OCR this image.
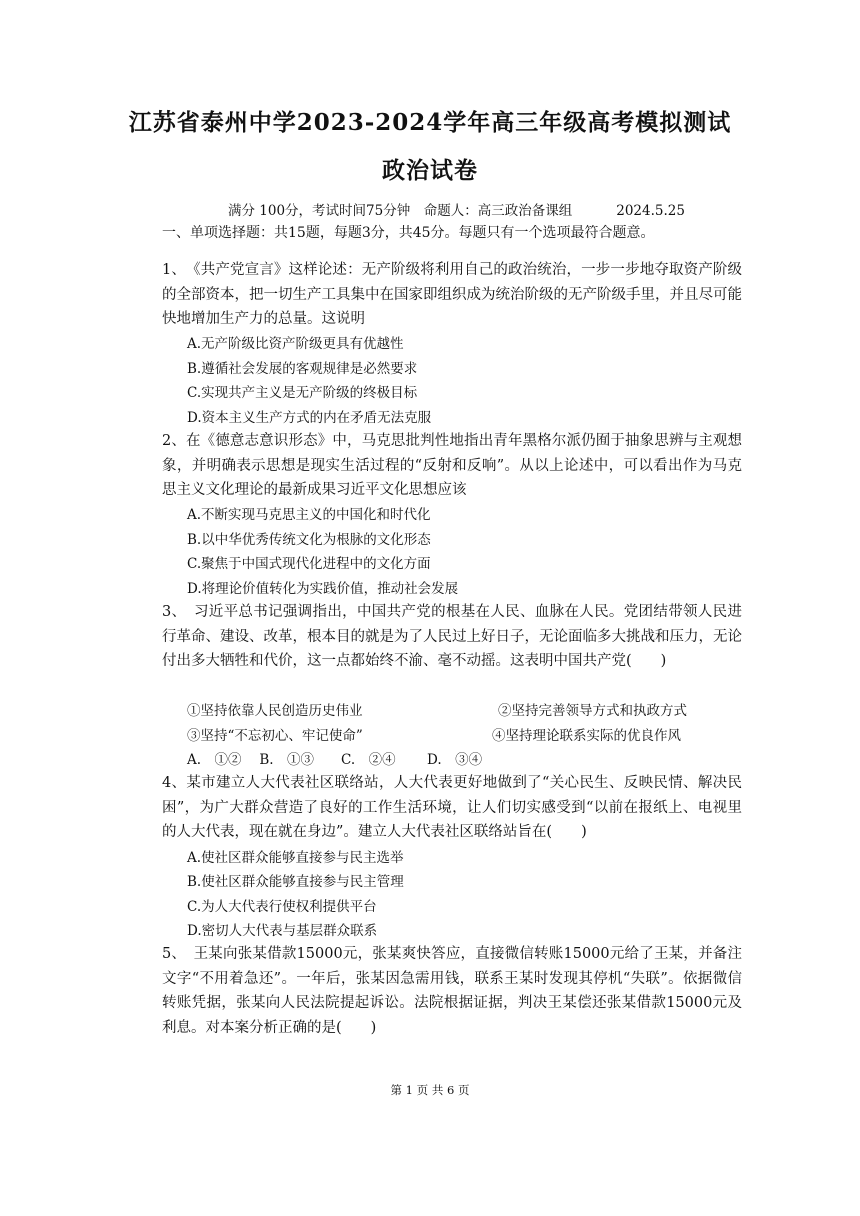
江苏省泰州中学2023-2024学年高三年级高考模拟测试
政治试卷
满分 100分，考试时间75分钟　命题人：高三政治备课组	2024.5.25
一、单项选择题：共15题，每题3分，共45分。每题只有一个选项最符合题意。
1、　《共产党宣言》这样论述：无产阶级将利用自己的政治统治，一步一步地夺取资产阶级的全部资本，把一切生产工具集中在国家即组织成为统治阶级的无产阶级手里，并且尽可能快地增加生产力的总量。这说明
A.无产阶级比资产阶级更具有优越性
B.遵循社会发展的客观规律是必然要求
C.实现共产主义是无产阶级的终极目标
D.资本主义生产方式的内在矛盾无法克服
2、在《德意志意识形态》中，马克思批判性地指出青年黑格尔派仍囿于抽象思辨与主观想象，并明确表示思想是现实生活过程的“反射和反响”。从以上论述中，可以看出作为马克思主义文化理论的最新成果习近平文化思想应该
A.不断实现马克思主义的中国化和时代化
B.以中华优秀传统文化为根脉的文化形态
C.聚焦于中国式现代化进程中的文化方面
D.将理论价值转化为实践价值，推动社会发展
3、　习近平总书记强调指出，中国共产党的根基在人民、血脉在人民。党团结带领人民进行革命、建设、改革，根本目的就是为了人民过上好日子，无论面临多大挑战和压力，无论付出多大牺牲和代价，这一点都始终不渝、毫不动摇。这表明中国共产党(　　)
①坚持依靠人民创造历史伟业	②坚持完善领导方式和执政方式
③坚持“不忘初心、牢记使命”	④坚持理论联系实际的优良作风
A.　①②　 B.　①③　　C.　②④　　 D.　③④
4、某市建立人大代表社区联络站，人大代表更好地做到了“关心民生、反映民情、解决民困”，为广大群众营造了良好的工作生活环境，让人们切实感受到“以前在报纸上、电视里的人大代表，现在就在身边”。建立人大代表社区联络站旨在(　　)
A.使社区群众能够直接参与民主选举
B.使社区群众能够直接参与民主管理
C.为人大代表行使权利提供平台
D.密切人大代表与基层群众联系
5、　王某向张某借款15000元，张某爽快答应，直接微信转账15000元给了王某，并备注文字“不用着急还”。一年后，张某因急需用钱，联系王某时发现其停机“失联”。依据微信转账凭据，张某向人民法院提起诉讼。法院根据证据，判决王某偿还张某借款15000元及利息。对本案分析正确的是(　　)
第 1 页 共 6 页
